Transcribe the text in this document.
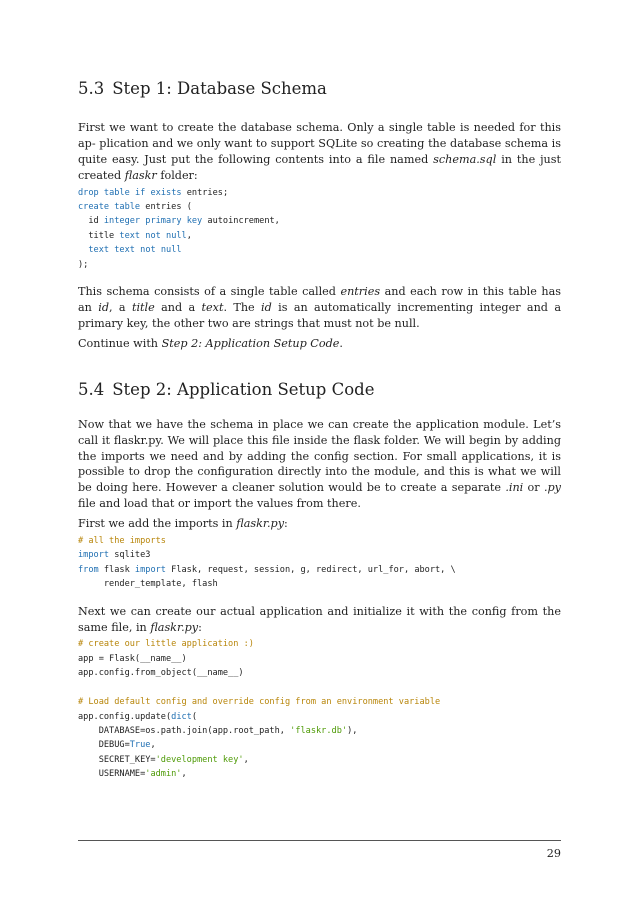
5.3 Step 1: Database Schema

First we want to create the database schema. Only a single table is needed for this ap- plication and we only want to support SQLite so creating the database schema is quite easy. Just put the following contents into a file named schema.sql in the just created flaskr folder:

drop table if exists entries;
create table entries (
id integer primary key autoincrement,
title text not null,
text text not null
);

This schema consists of a single table called entries and each row in this table has an id, a title and a text. The id is an automatically incrementing integer and a primary key, the other two are strings that must not be null.

Continue with Step 2: Application Setup Code.

5.4 Step 2: Application Setup Code

Now that we have the schema in place we can create the application module. Let’s call it flaskr.py. We will place this file inside the flask folder. We will begin by adding the imports we need and by adding the config section. For small applications, it is possible to drop the configuration directly into the module, and this is what we will be doing here. However a cleaner solution would be to create a separate .ini or .py file and load that or import the values from there.

First we add the imports in flaskr.py:

# all the imports
import sqlite3
from flask import Flask, request, session, g, redirect, url_for, abort, \
render_template, flash

Next we can create our actual application and initialize it with the config from the same file, in flaskr.py:

# create our little application :)
app = Flask(__name__)
app.config.from_object(__name__)

# Load default config and override config from an environment variable
app.config.update(dict(
DATABASE=os.path.join(app.root_path, 'flaskr.db'),
DEBUG=True,
SECRET_KEY='development key',
USERNAME='admin',
29
